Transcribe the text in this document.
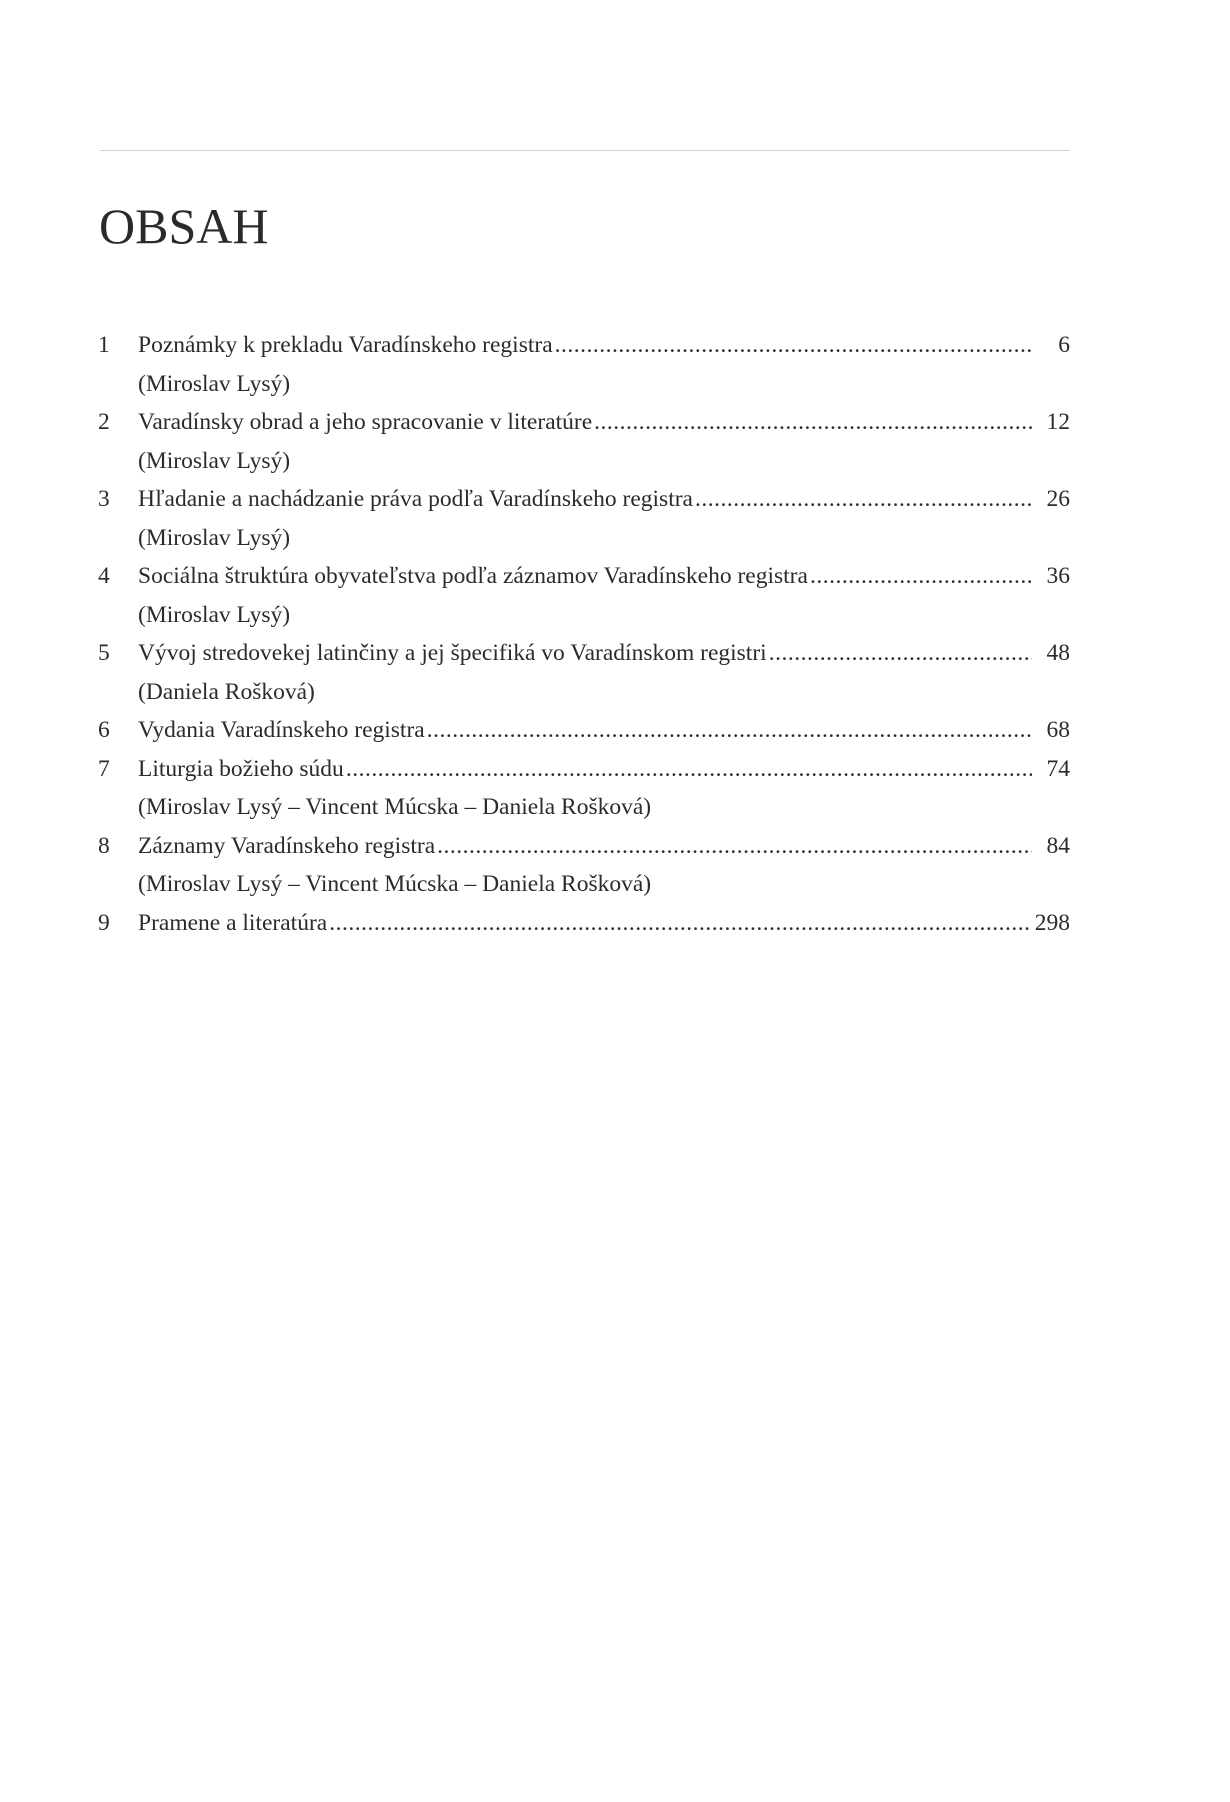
OBSAH
1	Poznámky k prekladu Varadínskeho registra .....	6
(Miroslav Lysý)
2	Varadínsky obrad a jeho spracovanie v literatúre .....	12
(Miroslav Lysý)
3	Hľadanie a nachádzanie práva podľa Varadínskeho registra .....	26
(Miroslav Lysý)
4	Sociálna štruktúra obyvateľstva podľa záznamov Varadínskeho registra .....	36
(Miroslav Lysý)
5	Vývoj stredovekej latinčiny a jej špecifiká vo Varadínskom registri .....	48
(Daniela Rošková)
6	Vydania Varadínskeho registra .....	68
7	Liturgia božieho súdu .....	74
(Miroslav Lysý – Vincent Múcska – Daniela Rošková)
8	Záznamy Varadínskeho registra .....	84
(Miroslav Lysý – Vincent Múcska – Daniela Rošková)
9	Pramene a literatúra .....	298
